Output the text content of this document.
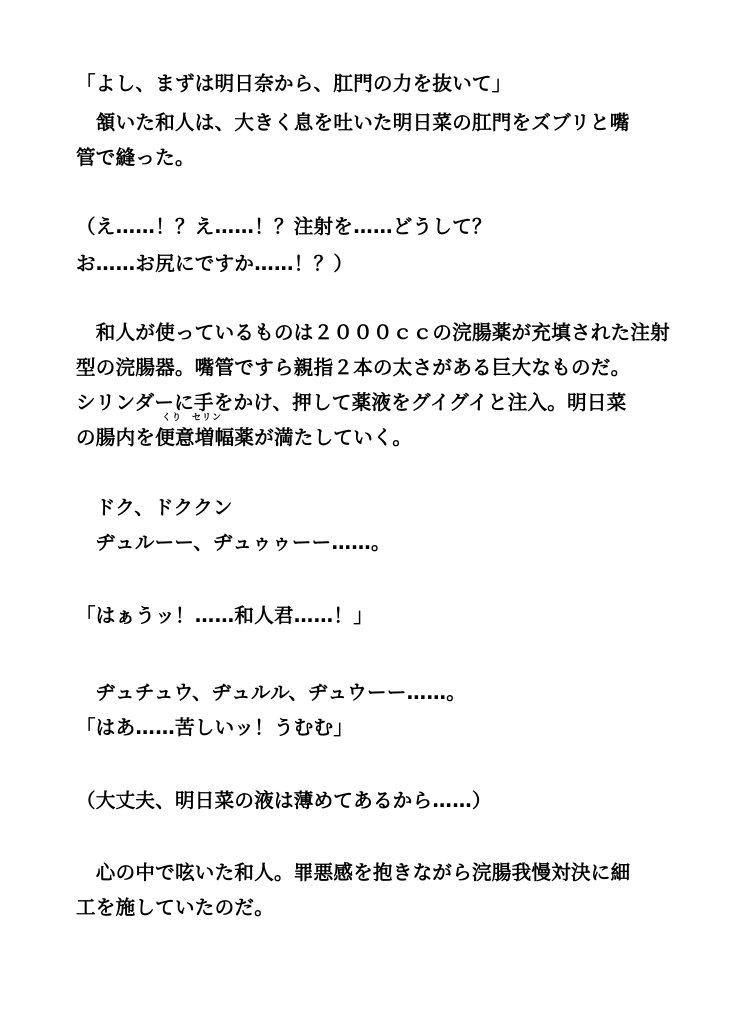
「よし、まずは明日奈から、肛門の力を抜いて」
　頷いた和人は、大きく息を吐いた明日菜の肛門をズブリと嘴
管で縫った。
（え……！？え……！？注射を……どうして？
お……お尻にですか……！？）
　和人が使っているものは２０００ｃｃの浣腸薬が充填された注射
型の浣腸器。嘴管ですら親指２本の太さがある巨大なものだ。
シリンダーに手をかけ、押して薬液をグイグイと注入。明日菜
くり　セリン
の腸内を便意増幅薬が満たしていく。
　ドク、ドククン
　ヂュルーー、ヂュゥゥーー……。
「はぁうッ！……和人君……！」
　ヂュチュウ、ヂュルル、ヂュウーー……。
「はあ……苦しいッ！うむむ」
（大丈夫、明日菜の液は薄めてあるから……）
　心の中で呟いた和人。罪悪感を抱きながら浣腸我慢対決に細
工を施していたのだ。
